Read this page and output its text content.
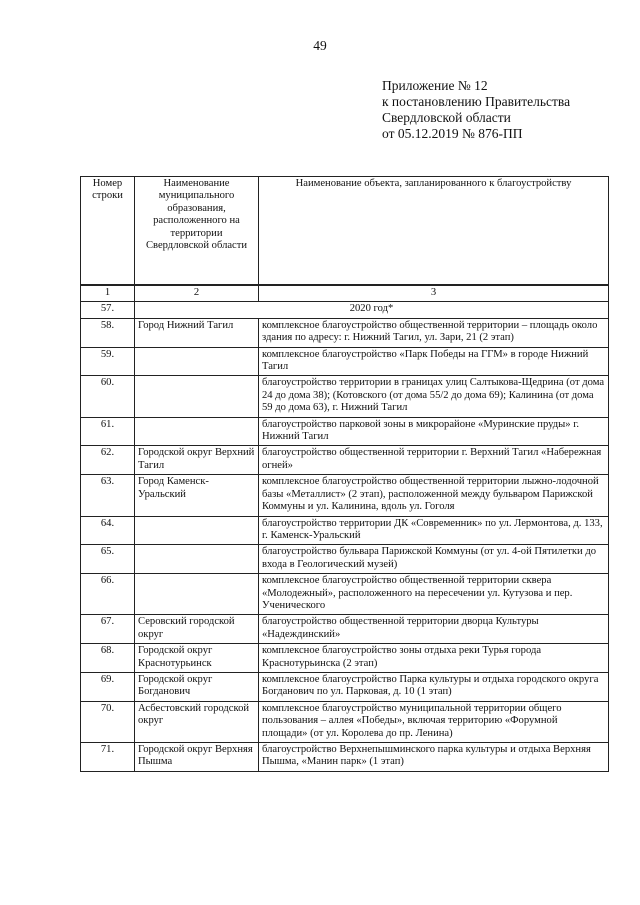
49
Приложение № 12
к постановлению Правительства
Свердловской области
от 05.12.2019 № 876-ПП
Номер строки	Наименование муниципального образования, расположенного на территории Свердловской области	Наименование объекта, запланированного к благоустройству
1	2	3
57.	2020 год*	
58.	Город Нижний Тагил	комплексное благоустройство общественной территории – площадь около здания по адресу: г. Нижний Тагил, ул. Зари, 21 (2 этап)
59.		комплексное благоустройство «Парк Победы на ГГМ» в городе Нижний Тагил
60.		благоустройство территории в границах улиц Салтыкова-Щедрина (от дома 24 до дома 38); (Котовского (от дома 55/2 до дома 69); Калинина (от дома 59 до дома 63), г. Нижний Тагил
61.		благоустройство парковой зоны в микрорайоне «Муринские пруды» г. Нижний Тагил
62.	Городской округ Верхний Тагил	благоустройство общественной территории г. Верхний Тагил «Набережная огней»
63.	Город Каменск-Уральский	комплексное благоустройство общественной территории лыжно-лодочной базы «Металлист» (2 этап), расположенной между бульваром Парижской Коммуны и ул. Калинина, вдоль ул. Гоголя
64.		благоустройство территории ДК «Современник» по ул. Лермонтова, д. 133, г. Каменск-Уральский
65.		благоустройство бульвара Парижской Коммуны (от ул. 4-ой Пятилетки до входа в Геологический музей)
66.		комплексное благоустройство общественной территории сквера «Молодежный», расположенного на пересечении ул. Кутузова и пер. Ученического
67.	Серовский городской округ	благоустройство общественной территории дворца Культуры «Надеждинский»
68.	Городской округ Краснотурьинск	комплексное благоустройство зоны отдыха реки Турья города Краснотурьинска (2 этап)
69.	Городской округ Богданович	комплексное благоустройство Парка культуры и отдыха городского округа Богданович по ул. Парковая, д. 10 (1 этап)
70.	Асбестовский городской округ	комплексное благоустройство муниципальной территории общего пользования – аллея «Победы», включая территорию «Форумной площади» (от ул. Королева до пр. Ленина)
71.	Городской округ Верхняя Пышма	благоустройство Верхнепышминского парка культуры и отдыха Верхняя Пышма, «Манин парк» (1 этап)
